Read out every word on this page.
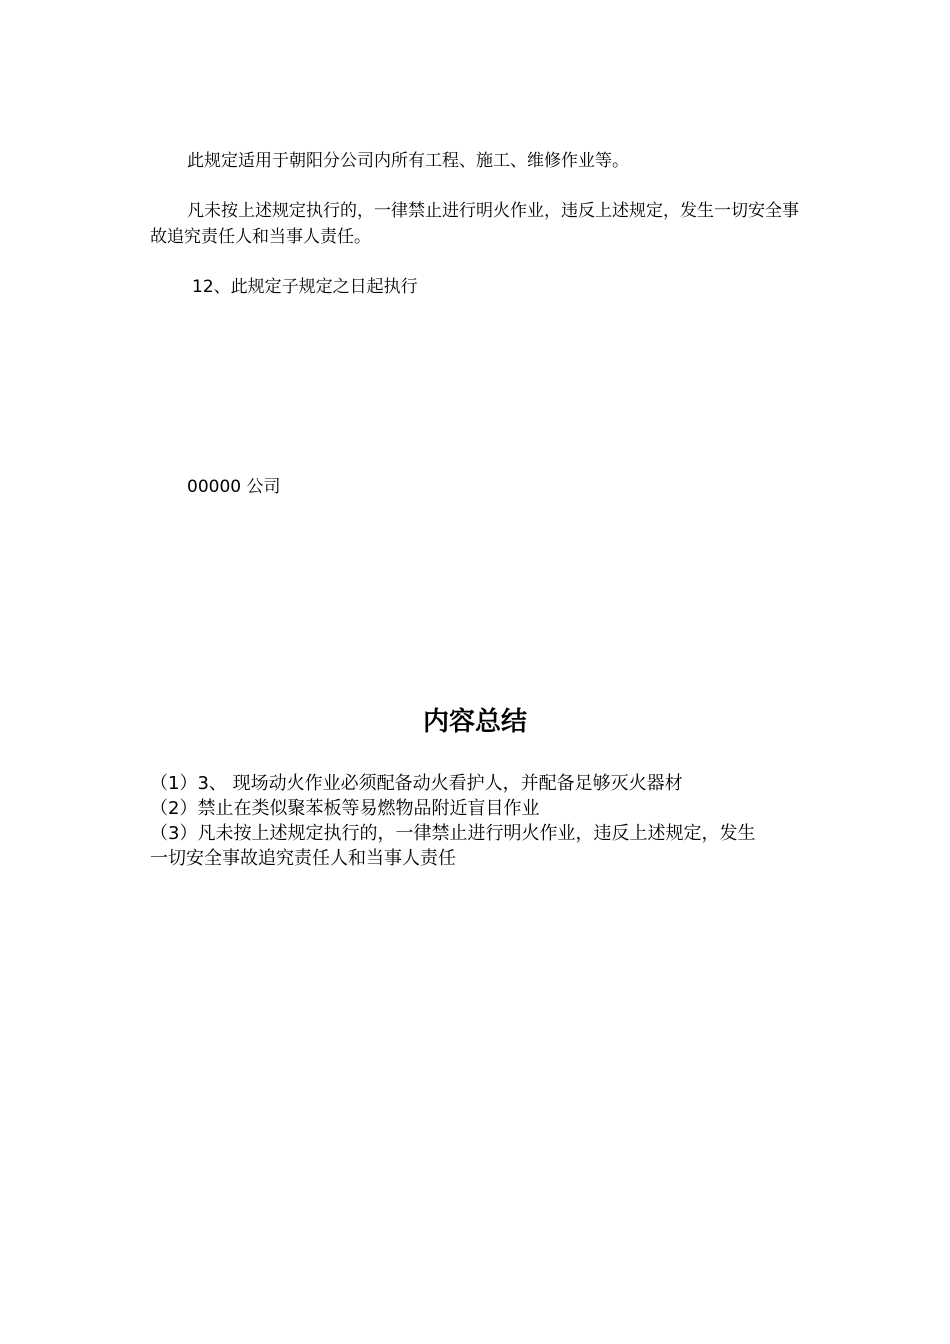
此规定适用于朝阳分公司内所有工程、施工、维修作业等。

凡未按上述规定执行的，一律禁止进行明火作业，违反上述规定，发生一切安全事故追究责任人和当事人责任。

12、此规定子规定之日起执行

00000 公司

内容总结
（1）3、 现场动火作业必须配备动火看护人，并配备足够灭火器材
（2）禁止在类似聚苯板等易燃物品附近盲目作业
（3）凡未按上述规定执行的，一律禁止进行明火作业，违反上述规定，发生一切安全事故追究责任人和当事人责任
